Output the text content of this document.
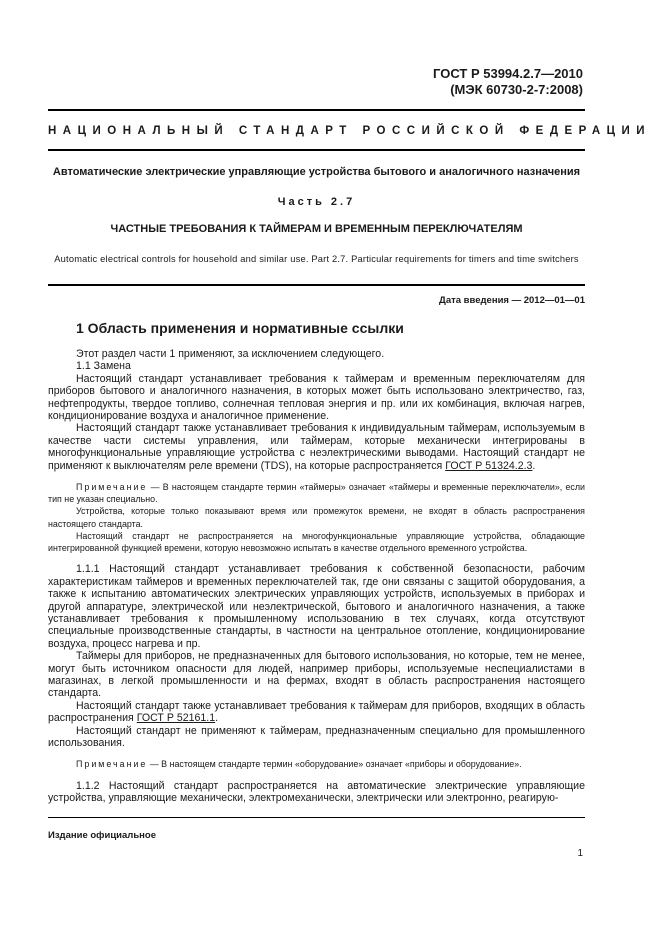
ГОСТ Р 53994.2.7—2010
(МЭК 60730-2-7:2008)
НАЦИОНАЛЬНЫЙ СТАНДАРТ РОССИЙСКОЙ ФЕДЕРАЦИИ
Автоматические электрические управляющие устройства бытового и аналогичного назначения
Часть 2.7
ЧАСТНЫЕ ТРЕБОВАНИЯ К ТАЙМЕРАМ И ВРЕМЕННЫМ ПЕРЕКЛЮЧАТЕЛЯМ
Automatic electrical controls for household and similar use. Part 2.7. Particular requirements for timers and time switchers
Дата введения — 2012—01—01
1 Область применения и нормативные ссылки

Этот раздел части 1 применяют, за исключением следующего.

1.1 Замена

Настоящий стандарт устанавливает требования к таймерам и временным переключателям для приборов бытового и аналогичного назначения, в которых может быть использовано электричество, газ, нефтепродукты, твердое топливо, солнечная тепловая энергия и пр. или их комбинация, включая нагрев, кондиционирование воздуха и аналогичное применение.

Настоящий стандарт также устанавливает требования к индивидуальным таймерам, используемым в качестве части системы управления, или таймерам, которые механически интегрированы в многофункциональные управляющие устройства с неэлектрическими выводами. Настоящий стандарт не применяют к выключателям реле времени (TDS), на которые распространяется ГОСТ Р 51324.2.3.

Примечание — В настоящем стандарте термин «таймеры» означает «таймеры и временные переключатели», если тип не указан специально.

Устройства, которые только показывают время или промежуток времени, не входят в область распространения настоящего стандарта.

Настоящий стандарт не распространяется на многофункциональные управляющие устройства, обладающие интегрированной функцией времени, которую невозможно испытать в качестве отдельного временного устройства.

1.1.1 Настоящий стандарт устанавливает требования к собственной безопасности, рабочим характеристикам таймеров и временных переключателей так, где они связаны с защитой оборудования, а также к испытанию автоматических электрических управляющих устройств, используемых в приборах и другой аппаратуре, электрической или неэлектрической, бытового и аналогичного назначения, а также устанавливает требования к промышленному использованию в тех случаях, когда отсутствуют специальные производственные стандарты, в частности на центральное отопление, кондиционирование воздуха, процесс нагрева и пр.

Таймеры для приборов, не предназначенных для бытового использования, но которые, тем не менее, могут быть источником опасности для людей, например приборы, используемые неспециалистами в магазинах, в легкой промышленности и на фермах, входят в область распространения настоящего стандарта.

Настоящий стандарт также устанавливает требования к таймерам для приборов, входящих в область распространения ГОСТ Р 52161.1.

Настоящий стандарт не применяют к таймерам, предназначенным специально для промышленного использования.

Примечание — В настоящем стандарте термин «оборудование» означает «приборы и оборудование».

1.1.2 Настоящий стандарт распространяется на автоматические электрические управляющие устройства, управляющие механически, электромеханически, электрически или электронно, реагирую-

Издание официальное
1
